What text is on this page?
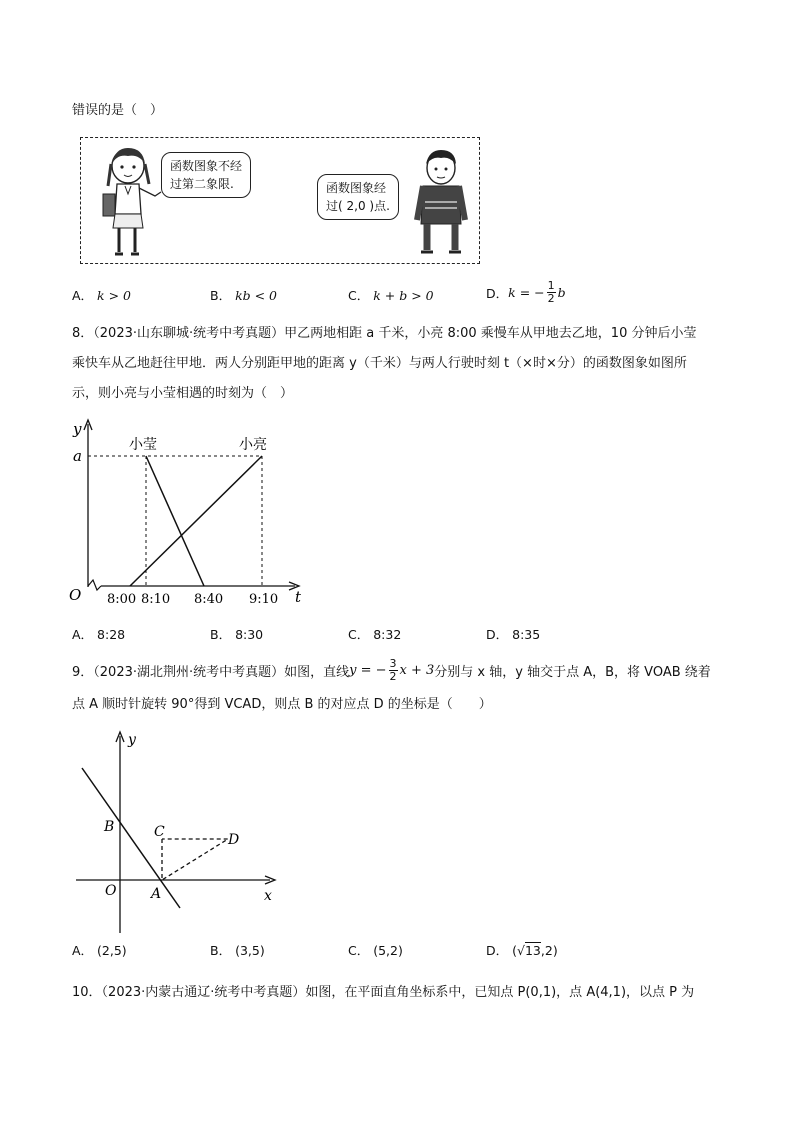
错误的是（　）
函数图象不经
过第二象限.	函数图象经
过( 2,0 )点.
A． k > 0	B． kb < 0	C． k + b > 0	D． k = − $\frac{1}{2}$ b
8．（2023·山东聊城·统考中考真题）甲乙两地相距 a 千米，小亮 8:00 乘慢车从甲地去乙地，10 分钟后小莹
乘快车从乙地赶往甲地．两人分别距甲地的距离 y（千米）与两人行驶时刻 t（×时×分）的函数图象如图所
示，则小亮与小莹相遇的时刻为（　）
y
a
O	t
小莹	小亮
8:00 8:10 8:40 9:10
A． 8:28	B． 8:30	C． 8:32	D． 8:35
9．（2023·湖北荆州·统考中考真题）如图，直线 y = − $\frac{3}{2}$ x + 3 分别与 x 轴，y 轴交于点 A，B，将 VOAB 绕着
点 A 顺时针旋转 90°得到 VCAD，则点 B 的对应点 D 的坐标是（　　）
y
x
O A
B	C	D
A． (2,5)	B． (3,5)	C． (5,2)	D． (√13,2)
10．（2023·内蒙古通辽·统考中考真题）如图，在平面直角坐标系中，已知点 P(0,1)，点 A(4,1)，以点 P 为
